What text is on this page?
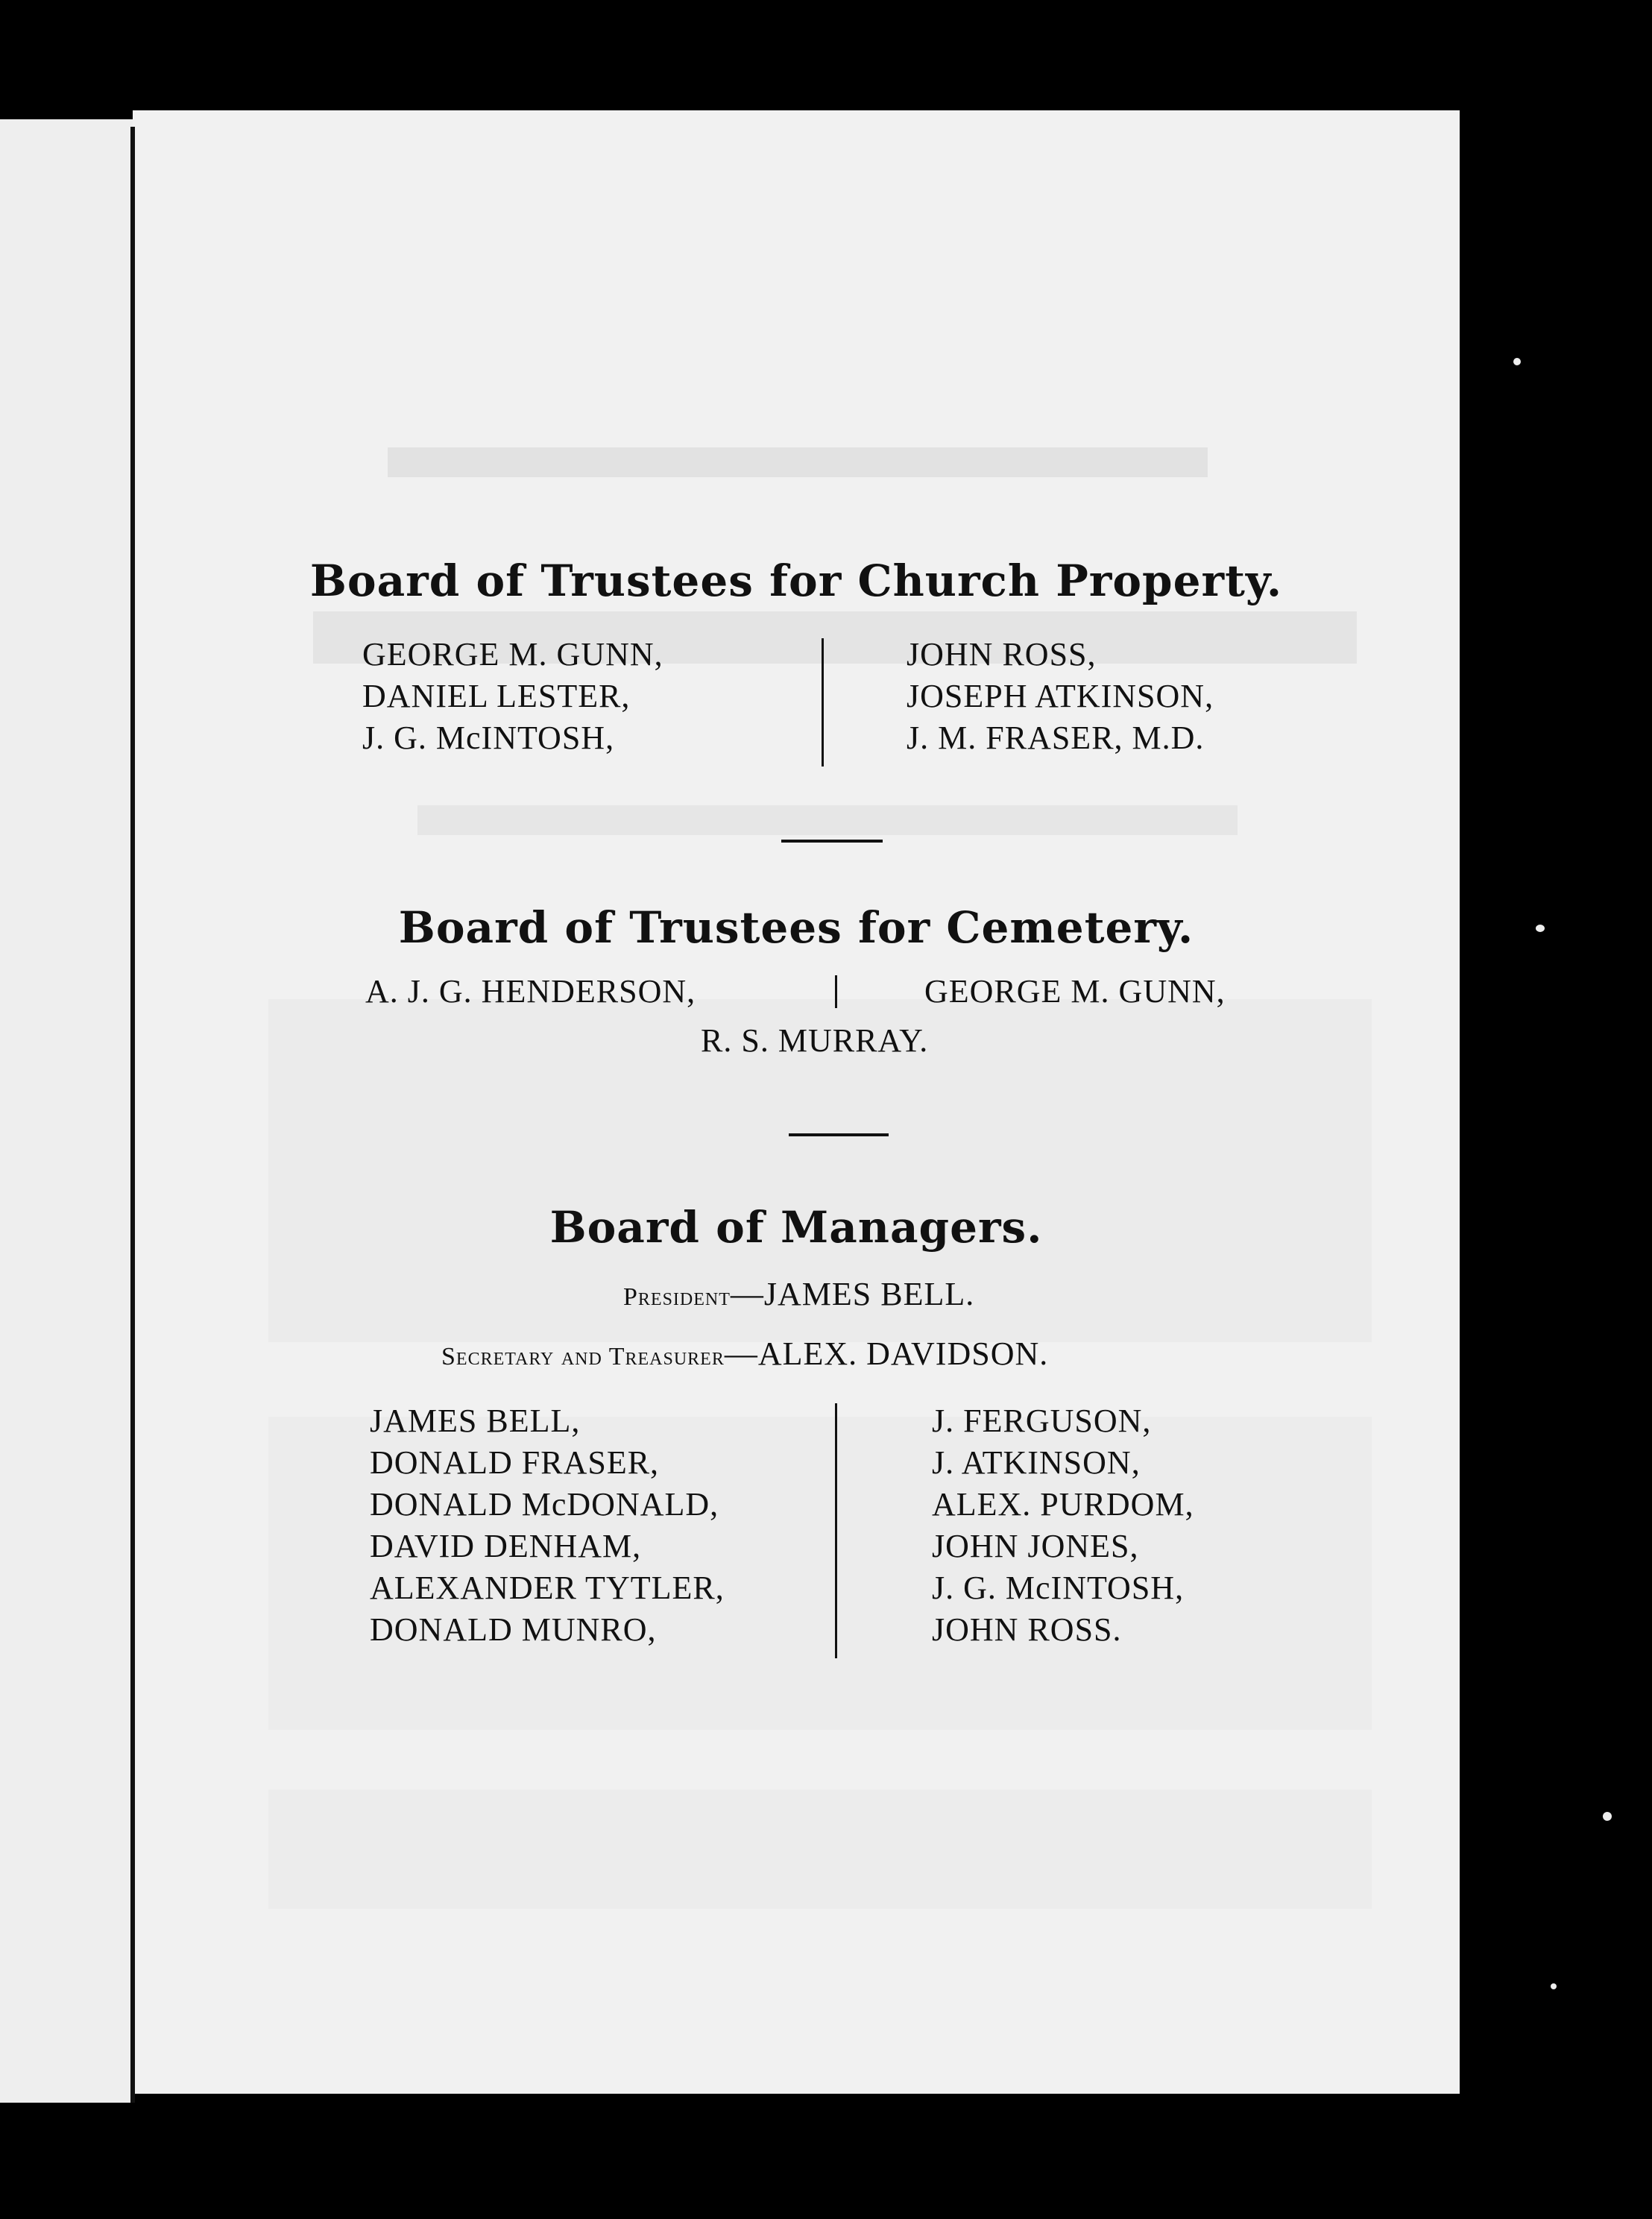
Board of Trustees for Church Property.
GEORGE M. GUNN,
DANIEL LESTER,
J. G. McINTOSH,
JOHN ROSS,
JOSEPH ATKINSON,
J. M. FRASER, M.D.
Board of Trustees for Cemetery.
A. J. G. HENDERSON,	GEORGE M. GUNN,
R. S. MURRAY.
Board of Managers.
President—JAMES BELL.
Secretary and Treasurer—ALEX. DAVIDSON.
JAMES BELL,
DONALD FRASER,
DONALD McDONALD,
DAVID DENHAM,
ALEXANDER TYTLER,
DONALD MUNRO,
J. FERGUSON,
J. ATKINSON,
ALEX. PURDOM,
JOHN JONES,
J. G. McINTOSH,
JOHN ROSS.
